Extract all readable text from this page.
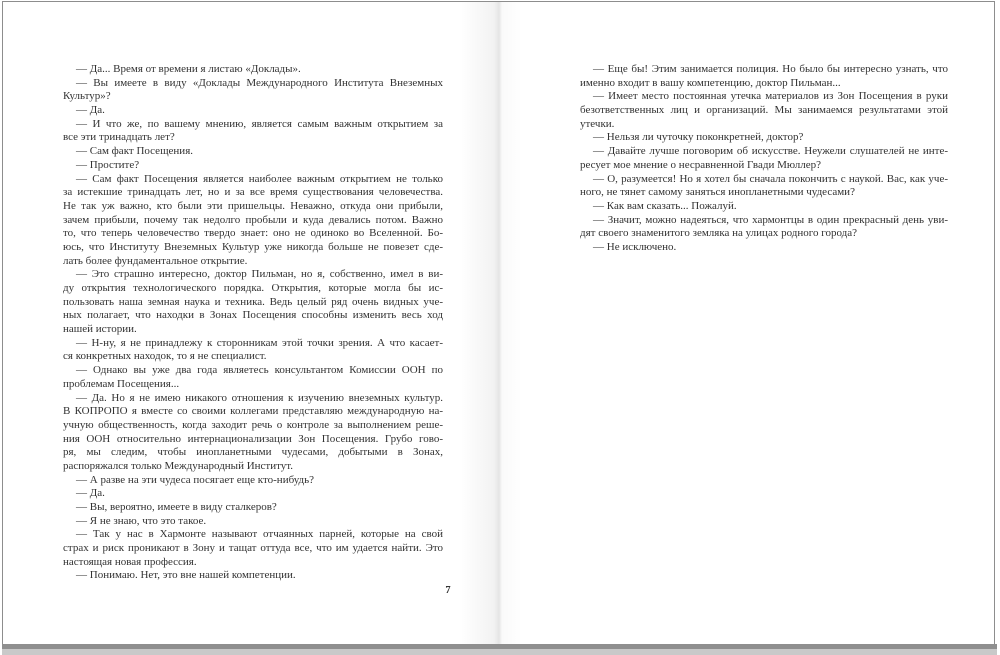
— Да... Время от времени я листаю «Доклады».
— Вы имеете в виду «Доклады Международного Института Внеземных
Культур»?
— Да.
— И что же, по вашему мнению, является самым важным открытием за
все эти тринадцать лет?
— Сам факт Посещения.
— Простите?
— Сам факт Посещения является наиболее важным открытием не только
за истекшие тринадцать лет, но и за все время существования человечества.
Не так уж важно, кто были эти пришельцы. Неважно, откуда они прибыли,
зачем прибыли, почему так недолго пробыли и куда девались потом. Важно
то, что теперь человечество твердо знает: оно не одиноко во Вселенной. Бо-
юсь, что Институту Внеземных Культур уже никогда больше не повезет сде-
лать более фундаментальное открытие.
— Это страшно интересно, доктор Пильман, но я, собственно, имел в ви-
ду открытия технологического порядка. Открытия, которые могла бы ис-
пользовать наша земная наука и техника. Ведь целый ряд очень видных уче-
ных полагает, что находки в Зонах Посещения способны изменить весь ход
нашей истории.
— Н-ну, я не принадлежу к сторонникам этой точки зрения. А что касает-
ся конкретных находок, то я не специалист.
— Однако вы уже два года являетесь консультантом Комиссии ООН по
проблемам Посещения...
— Да. Но я не имею никакого отношения к изучению внеземных культур.
В КОПРОПО я вместе со своими коллегами представляю международную на-
учную общественность, когда заходит речь о контроле за выполнением реше-
ния ООН относительно интернационализации Зон Посещения. Грубо гово-
ря, мы следим, чтобы инопланетными чудесами, добытыми в Зонах,
распоряжался только Международный Институт.
— А разве на эти чудеса посягает еще кто-нибудь?
— Да.
— Вы, вероятно, имеете в виду сталкеров?
— Я не знаю, что это такое.
— Так у нас в Хармонте называют отчаянных парней, которые на свой
страх и риск проникают в Зону и тащат оттуда все, что им удается найти. Это
настоящая новая профессия.
— Понимаю. Нет, это вне нашей компетенции.
— Еще бы! Этим занимается полиция. Но было бы интересно узнать, что
именно входит в вашу компетенцию, доктор Пильман...
— Имеет место постоянная утечка материалов из Зон Посещения в руки
безответственных лиц и организаций. Мы занимаемся результатами этой
утечки.
— Нельзя ли чуточку поконкретней, доктор?
— Давайте лучше поговорим об искусстве. Неужели слушателей не инте-
ресует мое мнение о несравненной Гвади Мюллер?
— О, разумеется! Но я хотел бы сначала покончить с наукой. Вас, как уче-
ного, не тянет самому заняться инопланетными чудесами?
— Как вам сказать... Пожалуй.
— Значит, можно надеяться, что хармонтцы в один прекрасный день уви-
дят своего знаменитого земляка на улицах родного города?
— Не исключено.
7
